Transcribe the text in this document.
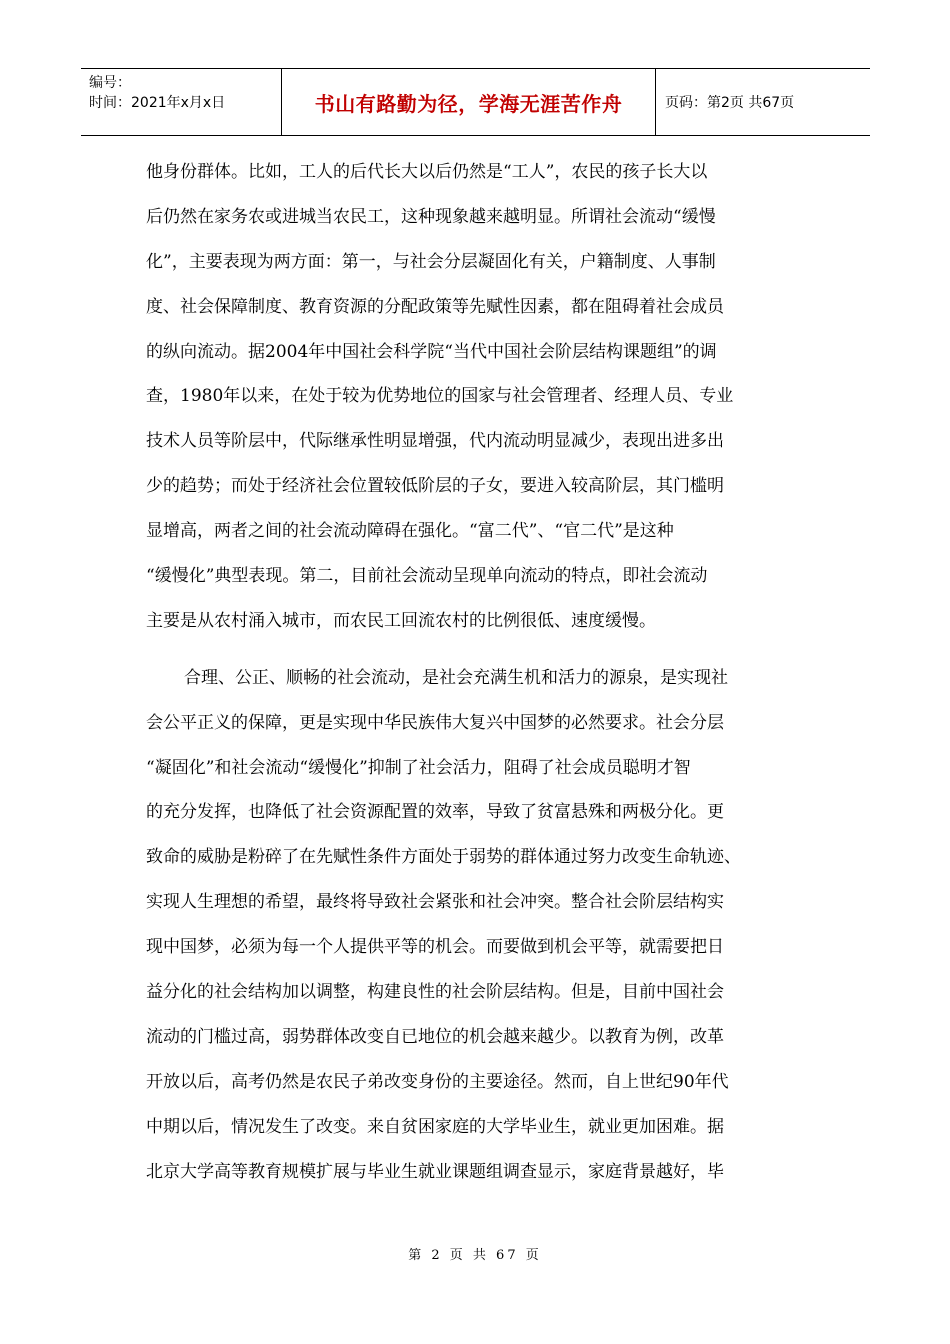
编号：
时间：2021年x月x日	书山有路勤为径，学海无涯苦作舟	页码：第2页 共67页

他身份群体。比如，工人的后代长大以后仍然是“工人”，农民的孩子长大以
后仍然在家务农或进城当农民工，这种现象越来越明显。所谓社会流动“缓慢
化”，主要表现为两方面：第一，与社会分层凝固化有关，户籍制度、人事制
度、社会保障制度、教育资源的分配政策等先赋性因素，都在阻碍着社会成员
的纵向流动。据2004年中国社会科学院“当代中国社会阶层结构课题组”的调
查，1980年以来，在处于较为优势地位的国家与社会管理者、经理人员、专业
技术人员等阶层中，代际继承性明显增强，代内流动明显减少，表现出进多出
少的趋势；而处于经济社会位置较低阶层的子女，要进入较高阶层，其门槛明
显增高，两者之间的社会流动障碍在强化。“富二代”、“官二代”是这种
“缓慢化”典型表现。第二，目前社会流动呈现单向流动的特点，即社会流动
主要是从农村涌入城市，而农民工回流农村的比例很低、速度缓慢。

合理、公正、顺畅的社会流动，是社会充满生机和活力的源泉，是实现社
会公平正义的保障，更是实现中华民族伟大复兴中国梦的必然要求。社会分层
“凝固化”和社会流动“缓慢化”抑制了社会活力，阻碍了社会成员聪明才智
的充分发挥，也降低了社会资源配置的效率，导致了贫富悬殊和两极分化。更
致命的威胁是粉碎了在先赋性条件方面处于弱势的群体通过努力改变生命轨迹、
实现人生理想的希望，最终将导致社会紧张和社会冲突。整合社会阶层结构实
现中国梦，必须为每一个人提供平等的机会。而要做到机会平等，就需要把日
益分化的社会结构加以调整，构建良性的社会阶层结构。但是，目前中国社会
流动的门槛过高，弱势群体改变自已地位的机会越来越少。以教育为例，改革
开放以后，高考仍然是农民子弟改变身份的主要途径。然而，自上世纪90年代
中期以后，情况发生了改变。来自贫困家庭的大学毕业生，就业更加困难。据
北京大学高等教育规模扩展与毕业生就业课题组调查显示，家庭背景越好，毕

第 2 页 共 67 页
